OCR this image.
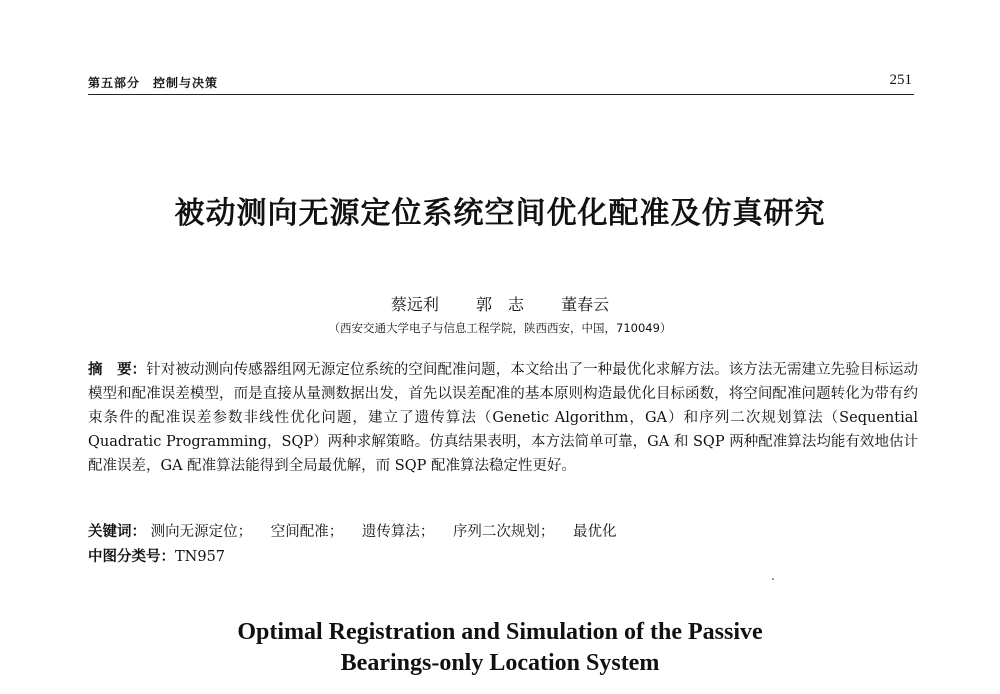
第五部分　控制与决策	251
被动测向无源定位系统空间优化配准及仿真研究
蔡远利 郭　志 董春云
（西安交通大学电子与信息工程学院，陕西西安，中国，710049）
摘　要：针对被动测向传感器组网无源定位系统的空间配准问题，本文给出了一种最优化求解方法。该方法无需建立先验目标运动模型和配准误差模型，而是直接从量测数据出发，首先以误差配准的基本原则构造最优化目标函数，将空间配准问题转化为带有约束条件的配准误差参数非线性优化问题，建立了遗传算法（Genetic Algorithm，GA）和序列二次规划算法（Sequential Quadratic Programming，SQP）两种求解策略。仿真结果表明，本方法简单可靠，GA 和 SQP 两种配准算法均能有效地估计配准误差，GA 配准算法能得到全局最优解，而 SQP 配准算法稳定性更好。
关键词： 测向无源定位； 空间配准； 遗传算法； 序列二次规划； 最优化
中图分类号：TN957
Optimal Registration and Simulation of the Passive
Bearings-only Location System
